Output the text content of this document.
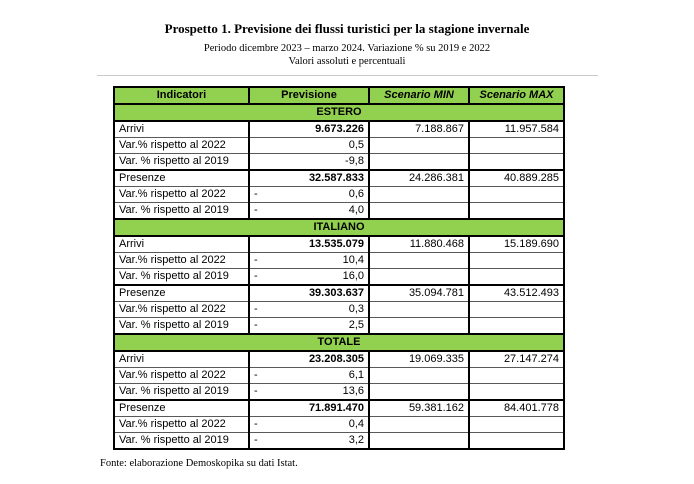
Prospetto 1. Previsione dei flussi turistici per la stagione invernale
Periodo dicembre 2023 – marzo 2024. Variazione % su 2019 e 2022
Valori assoluti e percentuali
Indicatori	Previsione	Scenario MIN	Scenario MAX
ESTERO			
Arrivi	9.673.226	7.188.867	11.957.584
Var.% rispetto al 2022	0,5		
Var. % rispetto al 2019	-9,8		
Presenze	32.587.833	24.286.381	40.889.285
Var.% rispetto al 2022	- 0,6		
Var. % rispetto al 2019	- 4,0		
ITALIANO			
Arrivi	13.535.079	11.880.468	15.189.690
Var.% rispetto al 2022	- 10,4		
Var. % rispetto al 2019	- 16,0		
Presenze	39.303.637	35.094.781	43.512.493
Var.% rispetto al 2022	- 0,3		
Var. % rispetto al 2019	- 2,5		
TOTALE			
Arrivi	23.208.305	19.069.335	27.147.274
Var.% rispetto al 2022	- 6,1		
Var. % rispetto al 2019	- 13,6		
Presenze	71.891.470	59.381.162	84.401.778
Var.% rispetto al 2022	- 0,4		
Var. % rispetto al 2019	- 3,2		
Fonte: elaborazione Demoskopika su dati Istat.
